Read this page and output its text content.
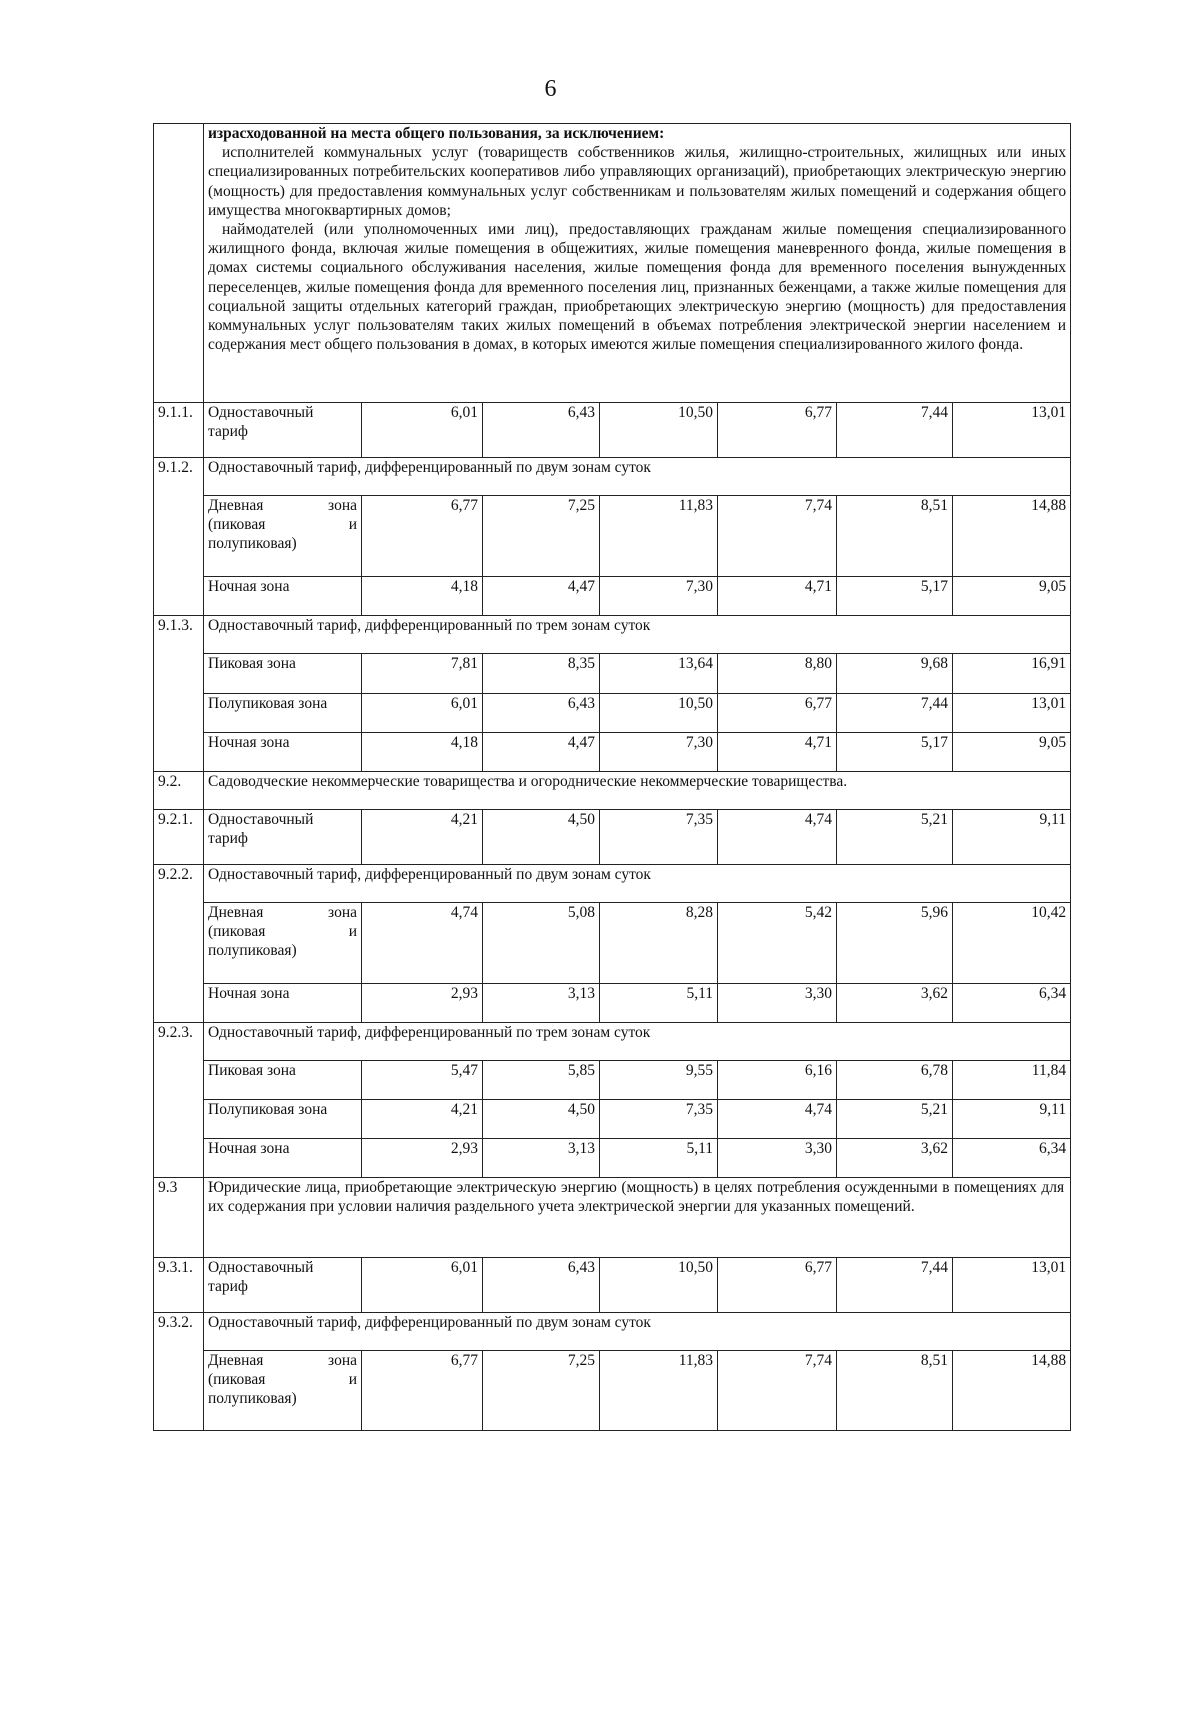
6

	израсходованной на места общего пользования, за исключением:

исполнителей коммунальных услуг (товариществ собственников жилья, жилищно-строительных, жилищных или иных специализированных потребительских кооперативов либо управляющих организаций), приобретающих электрическую энергию (мощность) для предоставления коммунальных услуг собственникам и пользователям жилых помещений и содержания общего имущества многоквартирных домов;

наймодателей (или уполномоченных ими лиц), предоставляющих гражданам жилые помещения специализированного жилищного фонда, включая жилые помещения в общежитиях, жилые помещения маневренного фонда, жилые помещения в домах системы социального обслуживания населения, жилые помещения фонда для временного поселения вынужденных переселенцев, жилые помещения фонда для временного поселения лиц, признанных беженцами, а также жилые помещения для социальной защиты отдельных категорий граждан, приобретающих электрическую энергию (мощность) для предоставления коммунальных услуг пользователям таких жилых помещений в объемах потребления электрической энергии населением и содержания мест общего пользования в домах, в которых имеются жилые помещения специализированного жилого фонда.						

9.1.1.	Одноставочный
тариф	6,01	6,43	10,50	6,77	7,44	13,01
9.1.2.	Одноставочный тариф, дифференцированный по двум зонам суток						
	Дневная зона (пиковая и
полупиковая)	6,77	7,25	11,83	7,74	8,51	14,88
	Ночная зона	4,18	4,47	7,30	4,71	5,17	9,05
9.1.3.	Одноставочный тариф, дифференцированный по трем зонам суток						
	Пиковая зона	7,81	8,35	13,64	8,80	9,68	16,91
	Полупиковая зона	6,01	6,43	10,50	6,77	7,44	13,01
	Ночная зона	4,18	4,47	7,30	4,71	5,17	9,05
9.2.	Садоводческие некоммерческие товарищества и огороднические некоммерческие товарищества.						
9.2.1.	Одноставочный
тариф	4,21	4,50	7,35	4,74	5,21	9,11
9.2.2.	Одноставочный тариф, дифференцированный по двум зонам суток						
	Дневная зона (пиковая и
полупиковая)	4,74	5,08	8,28	5,42	5,96	10,42
	Ночная зона	2,93	3,13	5,11	3,30	3,62	6,34
9.2.3.	Одноставочный тариф, дифференцированный по трем зонам суток						
	Пиковая зона	5,47	5,85	9,55	6,16	6,78	11,84
	Полупиковая зона	4,21	4,50	7,35	4,74	5,21	9,11
	Ночная зона	2,93	3,13	5,11	3,30	3,62	6,34
9.3	Юридические лица, приобретающие электрическую энергию (мощность) в целях потребления осужденными в помещениях для их содержания при условии наличия раздельного учета электрической энергии для указанных помещений.						
9.3.1.	Одноставочный
тариф	6,01	6,43	10,50	6,77	7,44	13,01
9.3.2.	Одноставочный тариф, дифференцированный по двум зонам суток						
	Дневная зона (пиковая и
полупиковая)	6,77	7,25	11,83	7,74	8,51	14,88
